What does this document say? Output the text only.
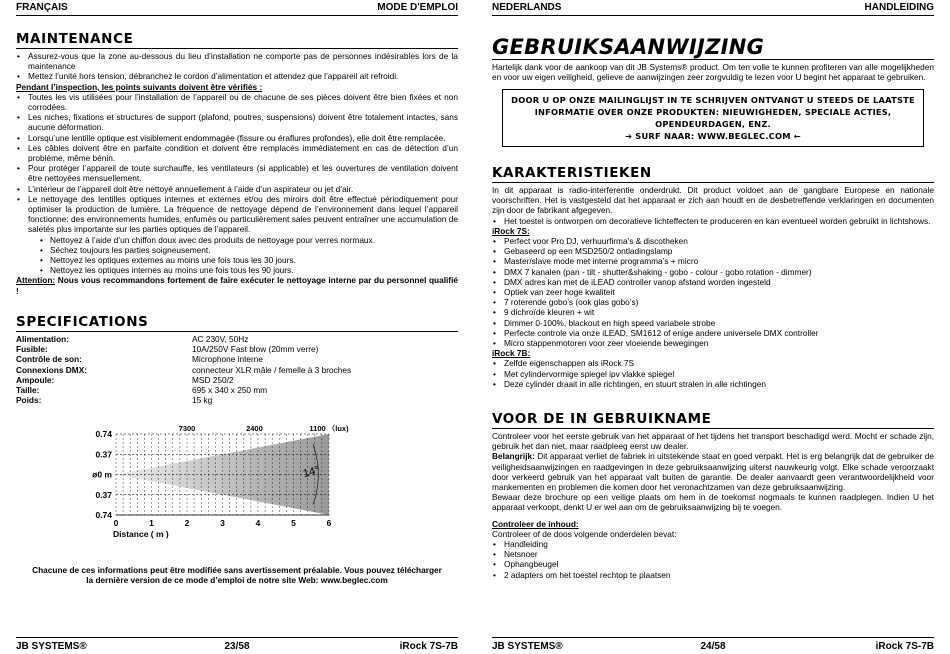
FRANÇAIS	MODE D'EMPLOI
MAINTENANCE
• Assurez-vous que la zone au-dessous du lieu d’installation ne comporte pas de personnes indésirables lors de la maintenance
• Mettez l’unité hors tension, débranchez le cordon d’alimentation et attendez que l’appareil ait refroidi.
Pendant l’inspection, les points suivants doivent être vérifiés :
• Toutes les vis utilisées pour l’installation de l’appareil ou de chacune de ses pièces doivent être bien fixées et non corrodées.
• Les niches, fixations et structures de support (plafond, poutres, suspensions) doivent être totalement intactes, sans aucune déformation.
• Lorsqu’une lentille optique est visiblement endommagée (fissure ou éraflures profondes), elle doit être remplacée.
• Les câbles doivent être en parfaite condition et doivent être remplacés immédiatement en cas de détection d’un problème, même bénin.
• Pour protéger l’appareil de toute surchauffe, les ventilateurs (si applicable) et les ouvertures de ventilation doivent être nettoyées mensuellement.
• L’intérieur de l’appareil doit être nettoyé annuellement à l’aide d’un aspirateur ou jet d’air.
• Le nettoyage des lentilles optiques internes et externes et/ou des miroirs doit être effectué périodiquement pour optimiser la production de lumière. La fréquence de nettoyage dépend de l’environnement dans lequel l’appareil fonctionne: des environnements humides, enfumés ou particulièrement sales peuvent entraîner une accumulation de saletés plus importante sur les parties optiques de l’appareil.
• Nettoyez à l’aide d’un chiffon doux avec des produits de nettoyage pour verres normaux.
• Séchez toujours les parties soigneusement.
• Nettoyez les optiques externes au moins une fois tous les 30 jours.
• Nettoyez les optiques internes au moins une fois tous les 90 jours.

Attention: Nous vous recommandons fortement de faire exécuter le nettoyage interne par du personnel qualifié !

SPECIFICATIONS
Alimentation:	AC 230V, 50Hz
Fusible:	10A/250V Fast blow (20mm verre)
Contrôle de son:	Microphone interne
Connexions DMX:	connecteur XLR mâle / femelle à 3 broches
Ampoule:	MSD 250/2
Taille:	695 x 340 x 250 mm
Poids:	15 kg
0.74
0.37
ø0 m
0.37
0.74
0	1	2	3	4	5	6
Distance ( m )
7300	2400	1100 （lux)
14°
Chacune de ces informations peut être modifiée sans avertissement préalable. Vous pouvez télécharger la dernière version de ce mode d’emploi de notre site Web: www.beglec.com
JB SYSTEMS®	23/58	iRock 7S-7B
NEDERLANDS	HANDLEIDING
GEBRUIKSAANWIJZING

Hartelijk dank voor de aankoop van dit JB Systems® product. Om ten volle te kunnen profiteren van alle mogelijkheden en voor uw eigen veiligheid, gelieve de aanwijzingen zeer zorgvuldig te lezen voor U begint het apparaat te gebruiken.

DOOR U OP ONZE MAILINGLIJST IN TE SCHRIJVEN ONTVANGT U STEEDS DE LAATSTE INFORMATIE OVER ONZE PRODUKTEN: NIEUWIGHEDEN, SPECIALE ACTIES, OPENDEURDAGEN, ENZ.
➔ SURF NAAR: WWW.BEGLEC.COM ←
KARAKTERISTIEKEN

In dit apparaat is radio-interferentie onderdrukt. Dit product voldoet aan de gangbare Europese en nationale voorschriften. Het is vastgesteld dat het apparaat er zich aan houdt en de desbetreffende verklaringen en documenten zijn door de fabrikant afgegeven.

• Het toestel is ontworpen om decoratieve lichteffecten te produceren en kan eventueel worden gebruikt in lichtshows.
iRock 7S:
• Perfect voor Pro DJ, verhuurfirma’s & discotheken
• Gebaseerd op een MSD250/2 ontladingslamp
• Master/slave mode met interne programma’s + micro
• DMX 7 kanalen (pan - tilt - shutter&shaking - gobo - colour - gobo rotation - dimmer)
• DMX adres kan met de iLEAD controller vanop afstand worden ingesteld
• Optiek van zeer hoge kwaliteit
• 7 roterende gobo’s (ook glas gobo’s)
• 9 dichroïde kleuren + wit
• Dimmer 0-100%, blackout en high speed variabele strobe
• Perfecte controle via onze iLEAD, SM1612 of enige andere universele DMX controller
• Micro stappenmotoren voor zeer vloeiende bewegingen
iRock 7B:
• Zelfde eigenschappen als iRock 7S
• Met cylindervormige spiegel ipv vlakke spiegel
• Deze cylinder draait in alle richtingen, en stuurt stralen in alle richtingen
VOOR DE IN GEBRUIKNAME

Controleer voor het eerste gebruik van het apparaat of het tijdens het transport beschadigd werd. Mocht er schade zijn, gebruik het dan niet, maar raadpleeg eerst uw dealer.

Belangrijk: Dit apparaat verliet de fabriek in uitstekende staat en goed verpakt. Het is erg belangrijk dat de gebruiker de veiligheidsaanwijzingen en raadgevingen in deze gebruiksaanwijzing uiterst nauwkeurig volgt. Elke schade veroorzaakt door verkeerd gebruik van het apparaat valt buiten de garantie. De dealer aanvaardt geen verantwoordelijkheid voor mankementen en problemen die komen door het veronachtzamen van deze gebruiksaanwijzing.

Bewaar deze brochure op een veilige plaats om hem in de toekomst nogmaals te kunnen raadplegen. Indien U het apparaat verkoopt, denkt U er wel aan om de gebruiksaanwijzing bij te voegen.

Controleer de inhoud:

Controleer of de doos volgende onderdelen bevat:

• Handleiding
• Netsnoer
• Ophangbeugel
• 2 adapters om het toestel rechtop te plaatsen
JB SYSTEMS®	24/58	iRock 7S-7B
